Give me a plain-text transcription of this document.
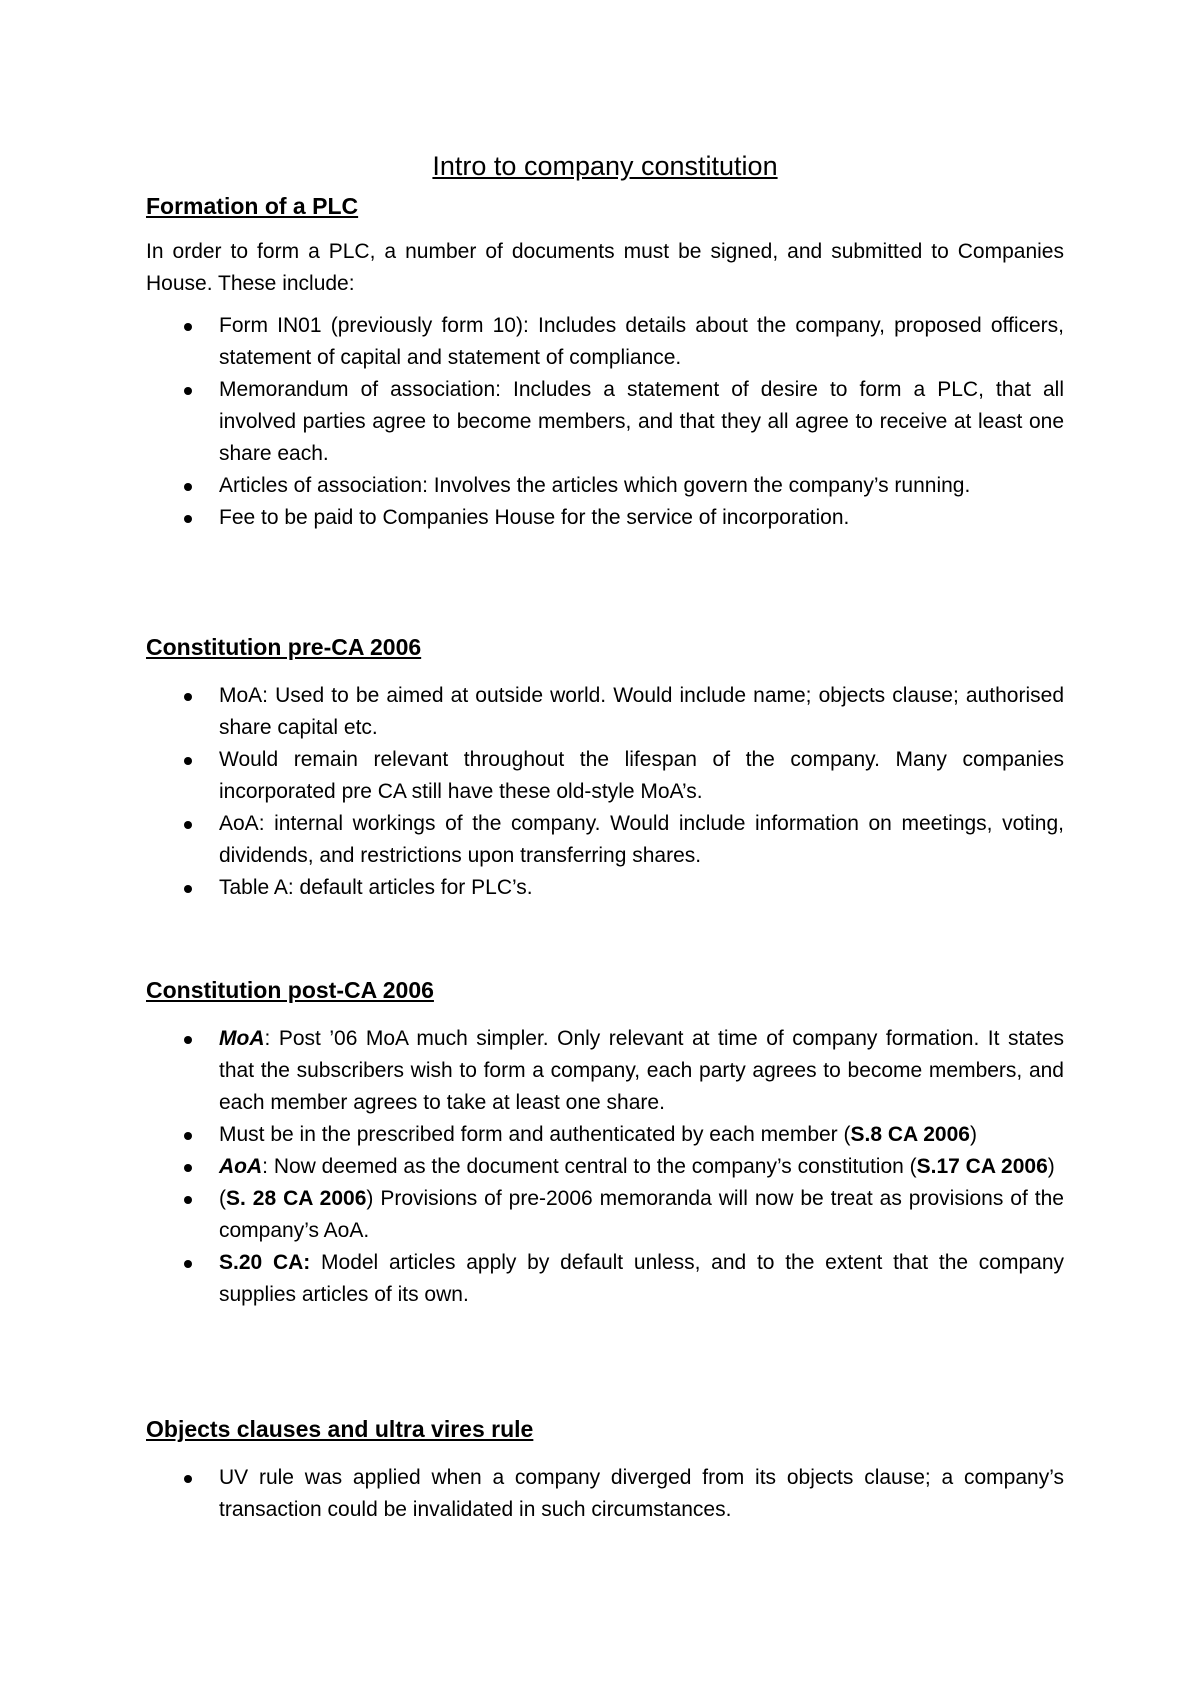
Intro to company constitution
Formation of a PLC

In order to form a PLC, a number of documents must be signed, and submitted to Companies House. These include:

Form IN01 (previously form 10): Includes details about the company, proposed officers, statement of capital and statement of compliance.
Memorandum of association: Includes a statement of desire to form a PLC, that all involved parties agree to become members, and that they all agree to receive at least one share each.
Articles of association: Involves the articles which govern the company’s running.
Fee to be paid to Companies House for the service of incorporation.
Constitution pre-CA 2006
MoA: Used to be aimed at outside world. Would include name; objects clause; authorised share capital etc.
Would remain relevant throughout the lifespan of the company. Many companies incorporated pre CA still have these old-style MoA’s.
AoA: internal workings of the company. Would include information on meetings, voting, dividends, and restrictions upon transferring shares.
Table A: default articles for PLC’s.
Constitution post-CA 2006
MoA: Post ’06 MoA much simpler. Only relevant at time of company formation. It states that the subscribers wish to form a company, each party agrees to become members, and each member agrees to take at least one share.
Must be in the prescribed form and authenticated by each member (S.8 CA 2006)
AoA: Now deemed as the document central to the company’s constitution (S.17 CA 2006)
(S. 28 CA 2006) Provisions of pre-2006 memoranda will now be treat as provisions of the company’s AoA.
S.20 CA: Model articles apply by default unless, and to the extent that the company supplies articles of its own.
Objects clauses and ultra vires rule
UV rule was applied when a company diverged from its objects clause; a company’s transaction could be invalidated in such circumstances.
